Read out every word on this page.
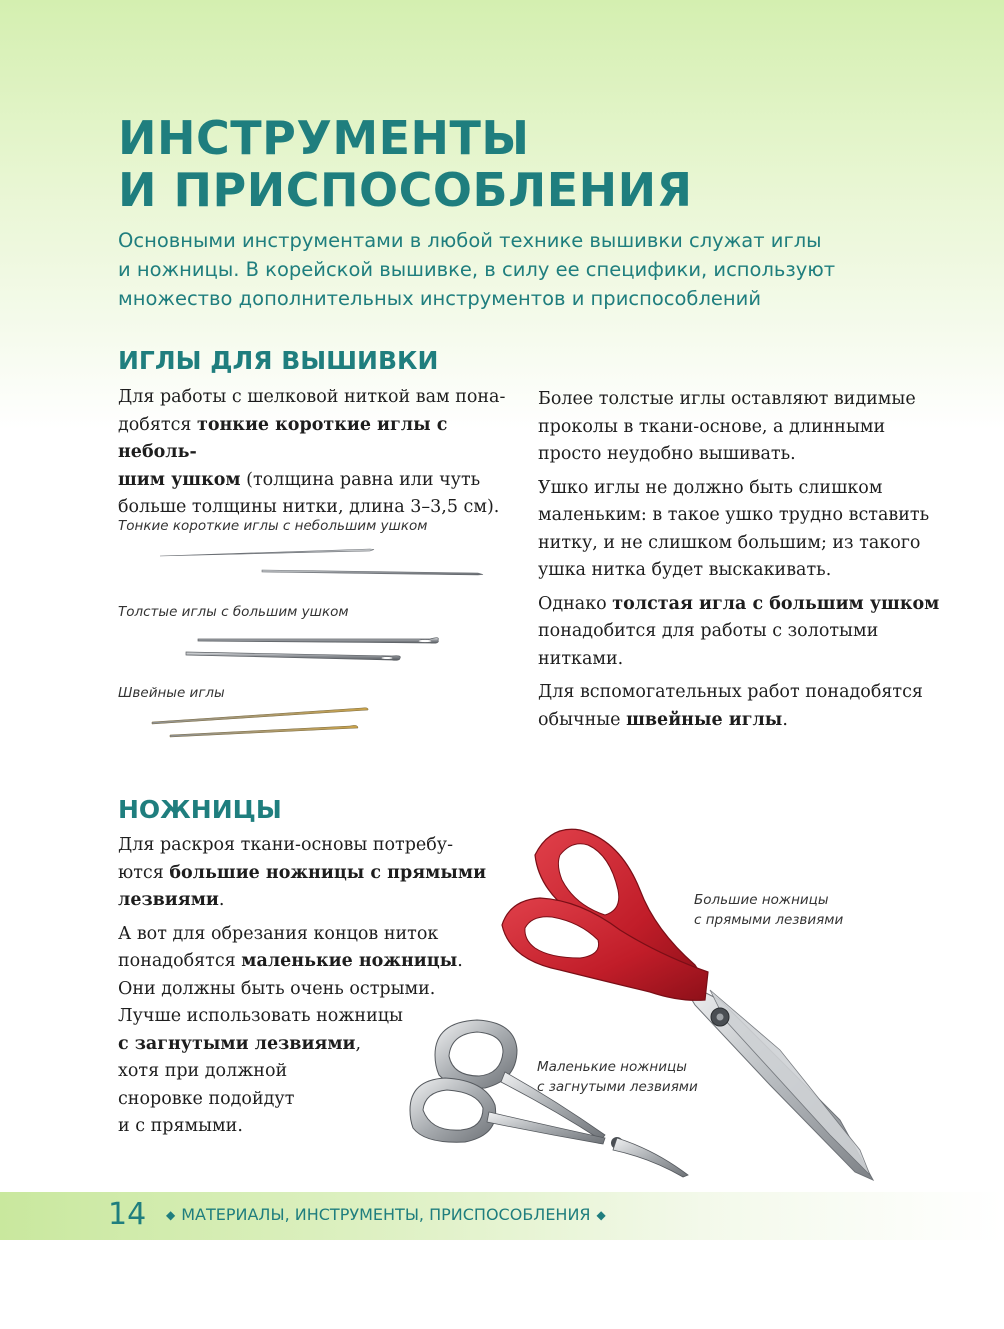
ИНСТРУМЕНТЫ
И ПРИСПОСОБЛЕНИЯ

Основными инструментами в любой технике вышивки служат иглы
и ножницы. В корейской вышивке, в силу ее специфики, используют
множество дополнительных инструментов и приспособлений

ИГЛЫ ДЛЯ ВЫШИВКИ

Для работы с шелковой ниткой вам пона-
добятся тонкие короткие иглы с неболь-
шим ушком (толщина равна или чуть
больше толщины нитки, длина 3–3,5 см).

Тонкие короткие иглы с небольшим ушком

Толстые иглы с большим ушком

Швейные иглы

Более толстые иглы оставляют видимые
проколы в ткани-основе, а длинными
просто неудобно вышивать.

Ушко иглы не должно быть слишком
маленьким: в такое ушко трудно вставить
нитку, и не слишком большим; из такого
ушка нитка будет выскакивать.

Однако толстая игла с большим ушком
понадобится для работы с золотыми
нитками.

Для вспомогательных работ понадобятся
обычные швейные иглы.

НОЖНИЦЫ

Для раскроя ткани-основы потребу-
ются большие ножницы с прямыми
лезвиями.

А вот для обрезания концов ниток
понадобятся маленькие ножницы.
Они должны быть очень острыми.
Лучше использовать ножницы
с загнутыми лезвиями,
хотя при должной
сноровке подойдут
и с прямыми.

Большие ножницы
с прямыми лезвиями

Маленькие ножницы
с загнутыми лезвиями

14	◆ МАТЕРИАЛЫ, ИНСТРУМЕНТЫ, ПРИСПОСОБЛЕНИЯ ◆
